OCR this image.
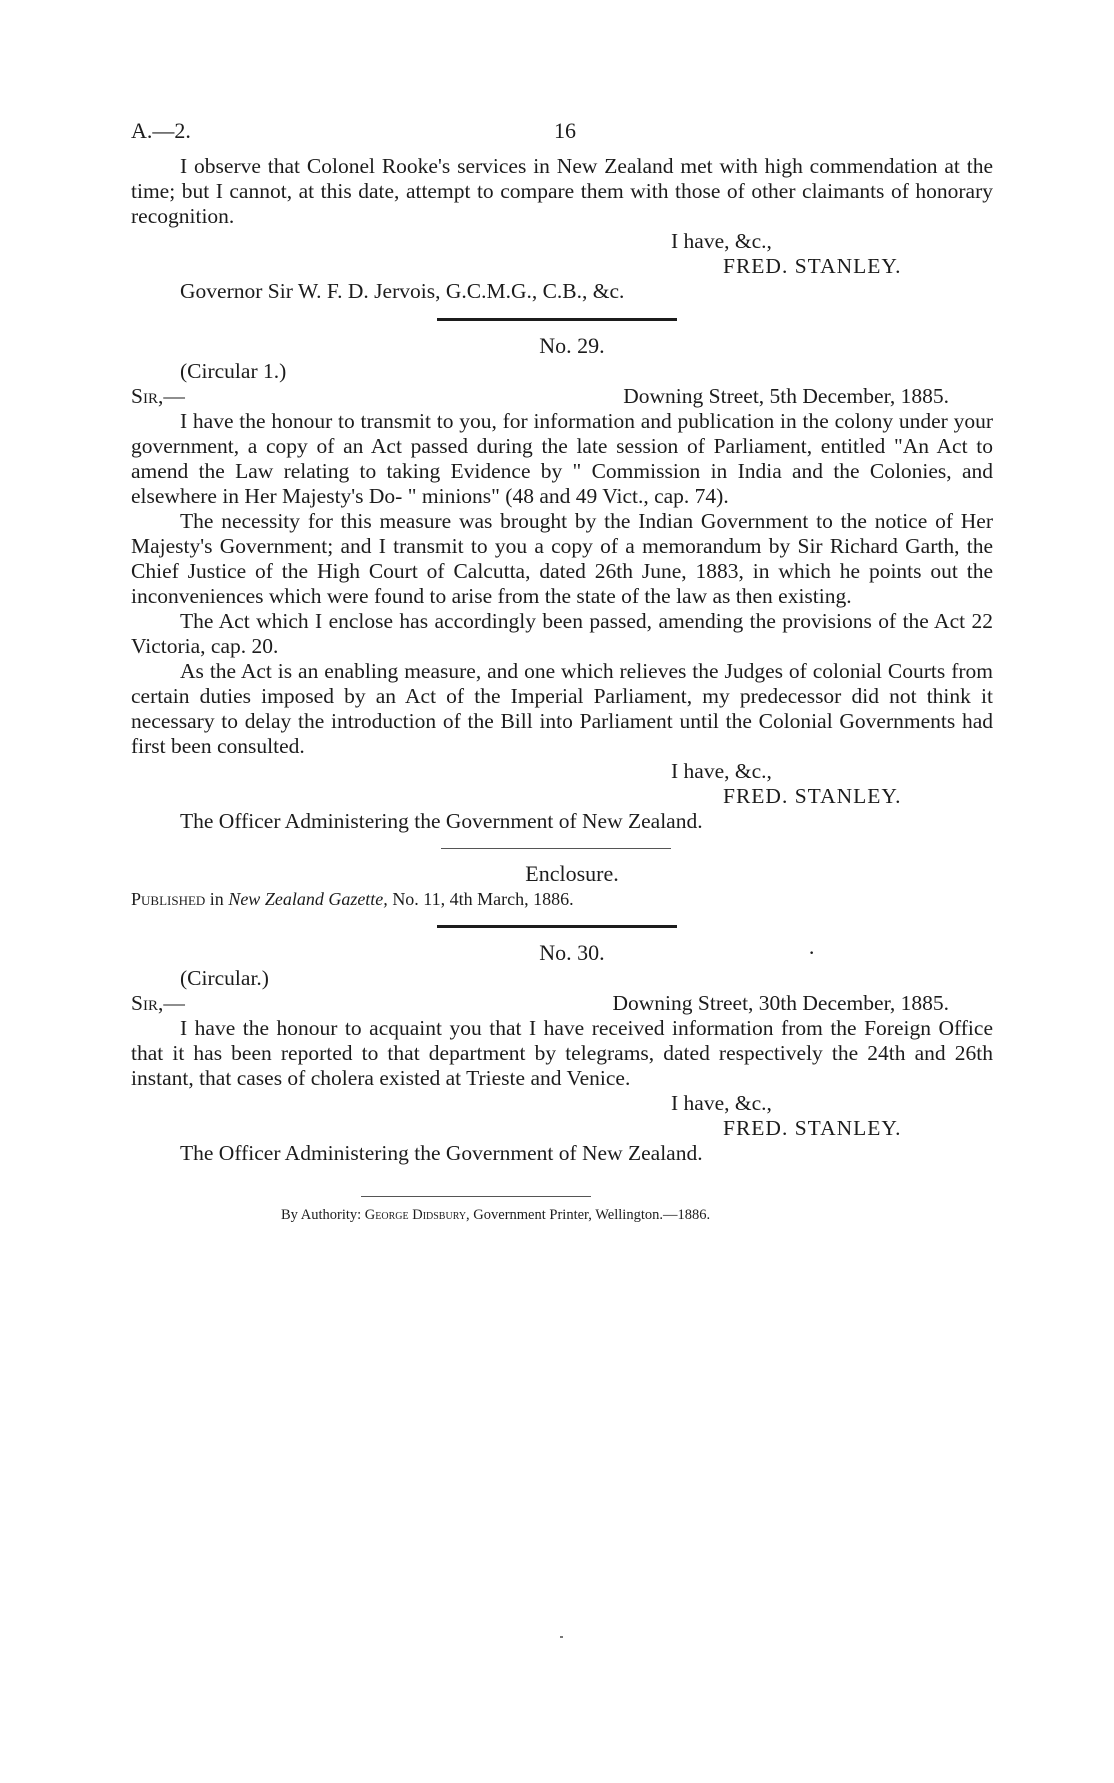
A.—2.	16

I observe that Colonel Rooke's services in New Zealand met with high commendation at the time; but I cannot, at this date, attempt to compare them with those of other claimants of honorary recognition.

I have, &c.,
FRED. STANLEY.
Governor Sir W. F. D. Jervois, G.C.M.G., C.B., &c.
No. 29.
(Circular 1.)
Sir,—	Downing Street, 5th December, 1885.

I have the honour to transmit to you, for information and publication in the colony under your government, a copy of an Act passed during the late session of Parliament, entitled "An Act to amend the Law relating to taking Evidence by " Commission in India and the Colonies, and elsewhere in Her Majesty's Do- " minions" (48 and 49 Vict., cap. 74).

The necessity for this measure was brought by the Indian Government to the notice of Her Majesty's Government; and I transmit to you a copy of a memorandum by Sir Richard Garth, the Chief Justice of the High Court of Calcutta, dated 26th June, 1883, in which he points out the inconveniences which were found to arise from the state of the law as then existing.

The Act which I enclose has accordingly been passed, amending the provisions of the Act 22 Victoria, cap. 20.

As the Act is an enabling measure, and one which relieves the Judges of colonial Courts from certain duties imposed by an Act of the Imperial Parliament, my predecessor did not think it necessary to delay the introduction of the Bill into Parliament until the Colonial Governments had first been consulted.

I have, &c.,
FRED. STANLEY.
The Officer Administering the Government of New Zealand.
Enclosure.
Published in New Zealand Gazette, No. 11, 4th March, 1886.
No. 30.	·
(Circular.)
Sir,—	Downing Street, 30th December, 1885.

I have the honour to acquaint you that I have received information from the Foreign Office that it has been reported to that department by telegrams, dated respectively the 24th and 26th instant, that cases of cholera existed at Trieste and Venice.

I have, &c.,
FRED. STANLEY.
The Officer Administering the Government of New Zealand.
By Authority: George Didsbury, Government Printer, Wellington.—1886.
